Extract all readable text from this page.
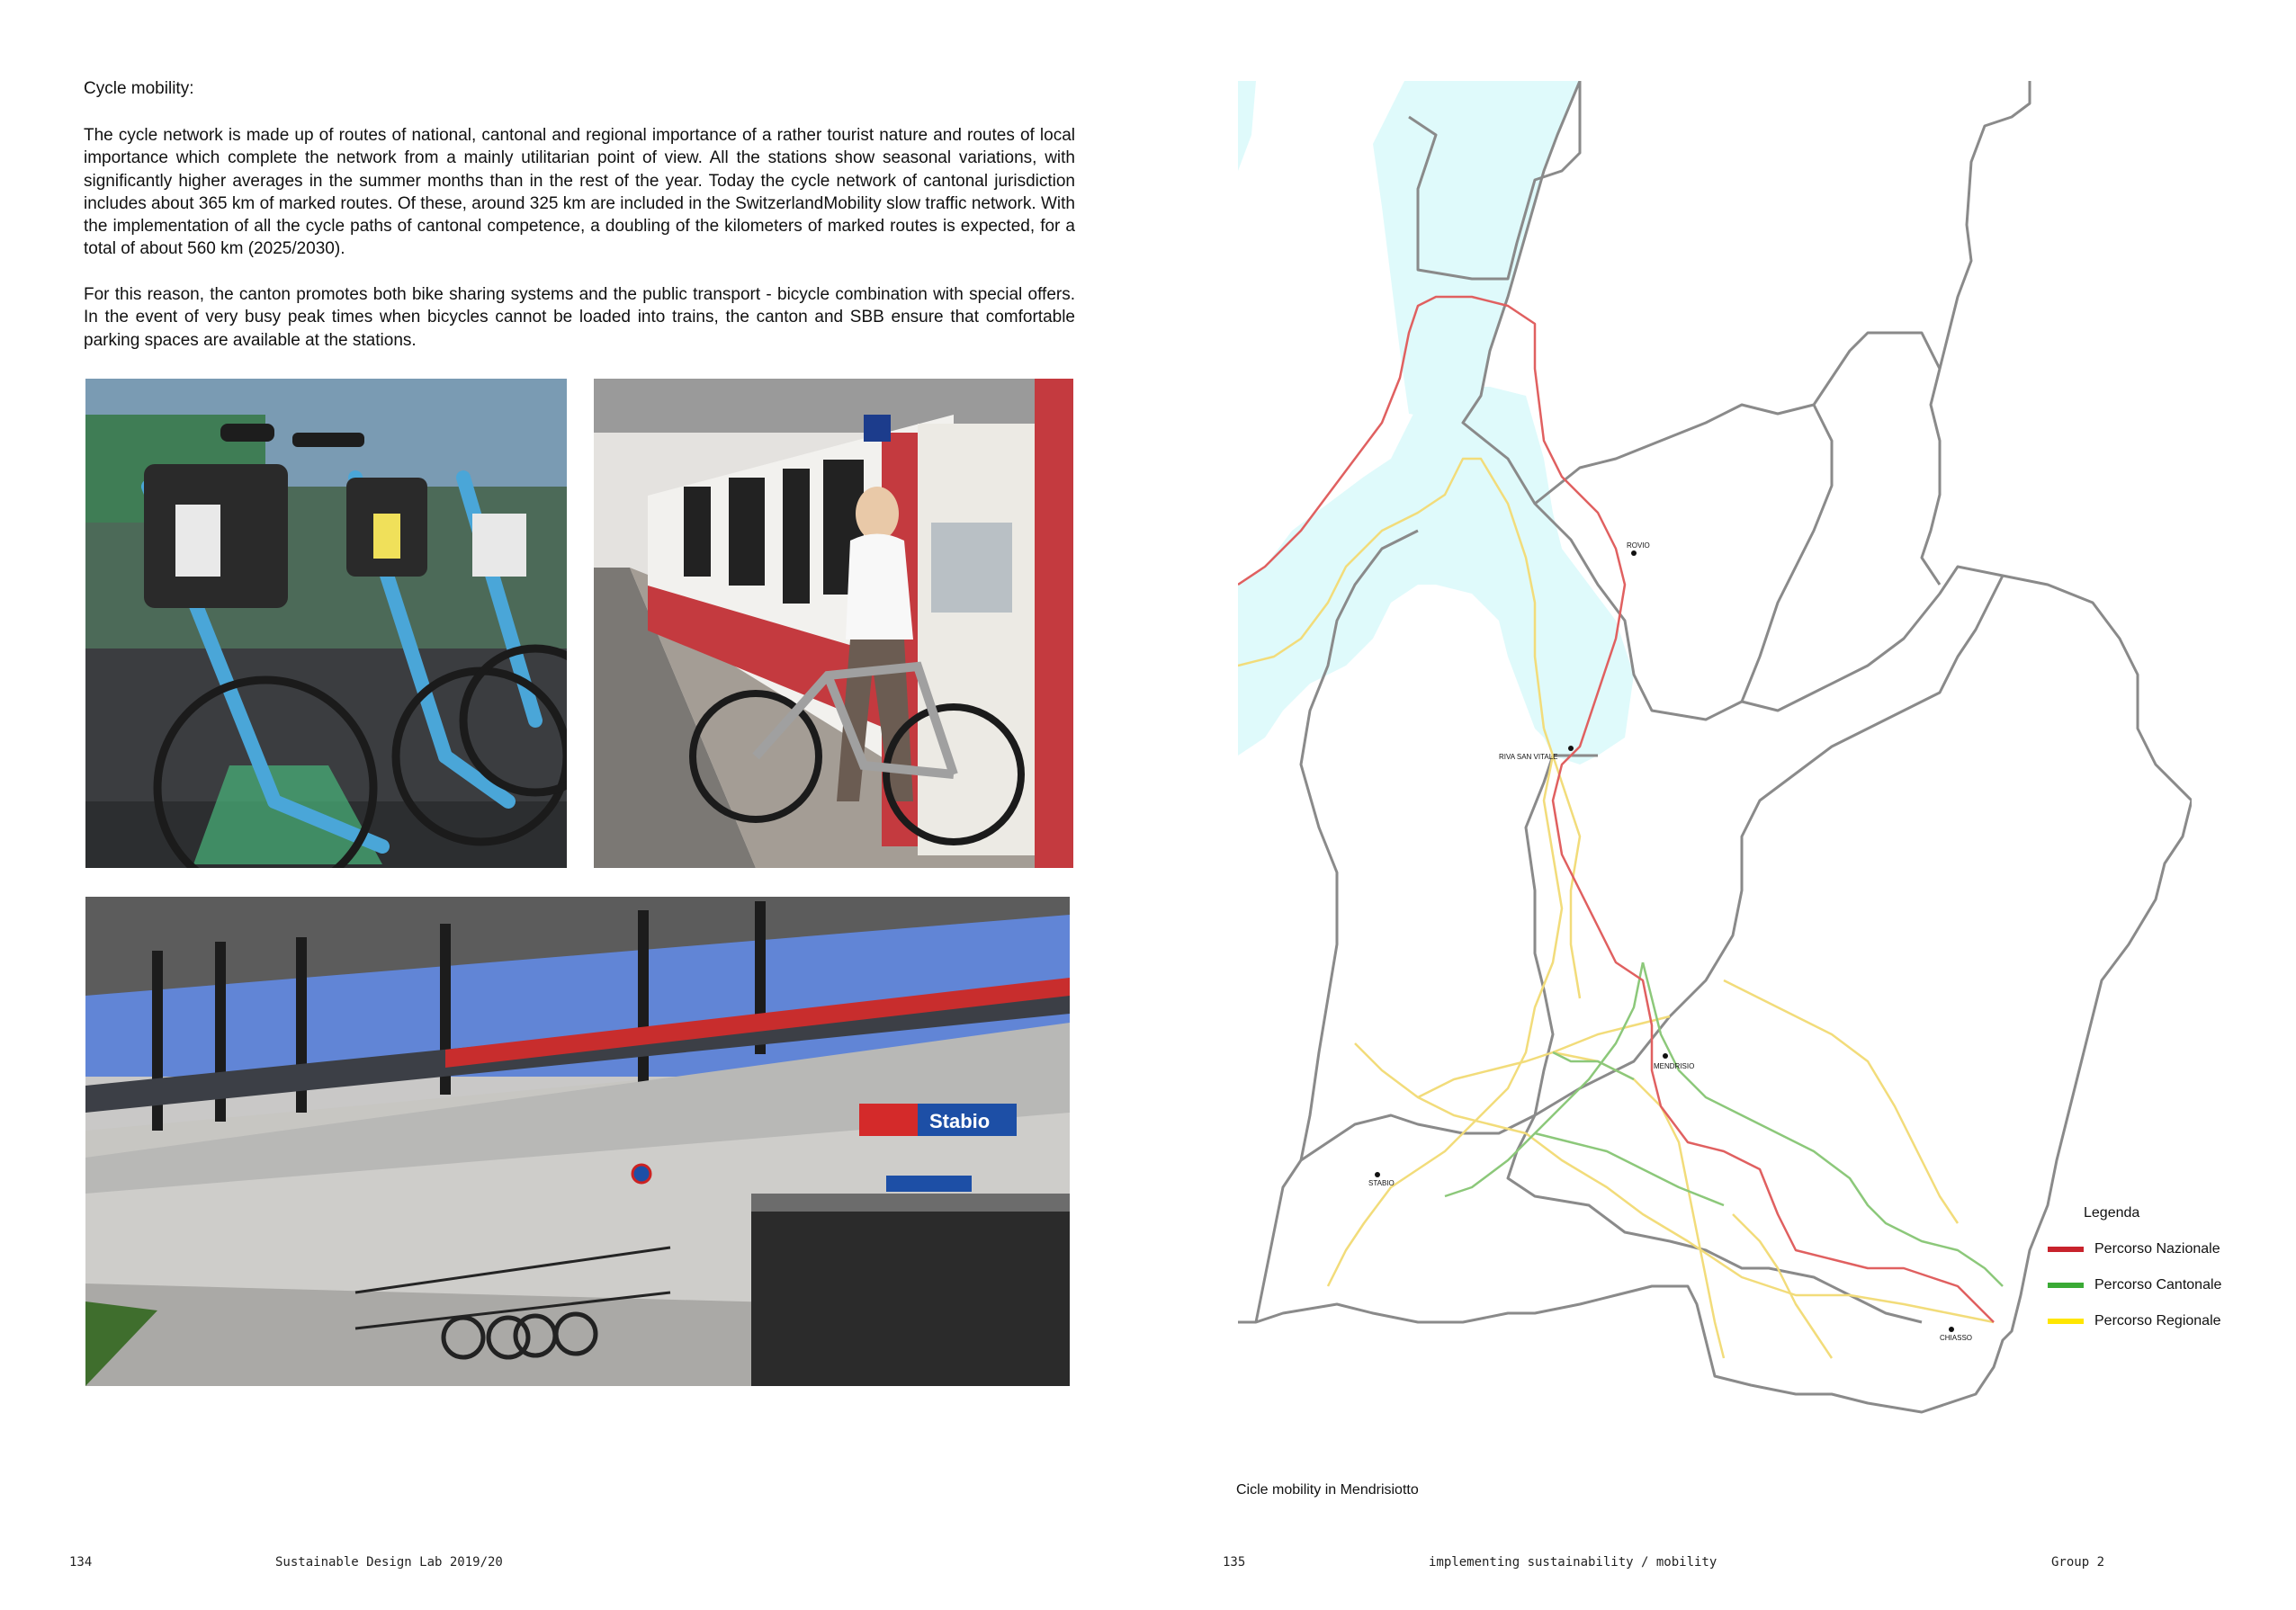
Cycle mobility:

The cycle network is made up of routes of national, cantonal and regional importance of a rather tourist nature and routes of local importance which complete the network from a mainly utilitarian point of view. All the stations show seasonal variations, with significantly higher averages in the summer months than in the rest of the year. Today the cycle network of cantonal jurisdiction includes about 365 km of marked routes. Of these, around 325 km are included in the SwitzerlandMobility slow traffic network. With the implementation of all the cycle paths of cantonal competence, a doubling of the kilometers of marked routes is expected, for a total of about 560 km (2025/2030).

For this reason, the canton promotes both bike sharing systems and the public transport - bicycle combination with special offers. In the event of very busy peak times when bicycles cannot be loaded into trains, the canton and SBB ensure that comfortable parking spaces are available at the stations.

Stabio
134	Sustainable Design Lab 2019/20
ROVIO
RIVA SAN VITALE
MENDRISIO
STABIO
CHIASSO
Legenda
Percorso Nazionale
Percorso Cantonale
Percorso Regionale
Cicle mobility in Mendrisiotto
135	implementing sustainability / mobility	Group 2
